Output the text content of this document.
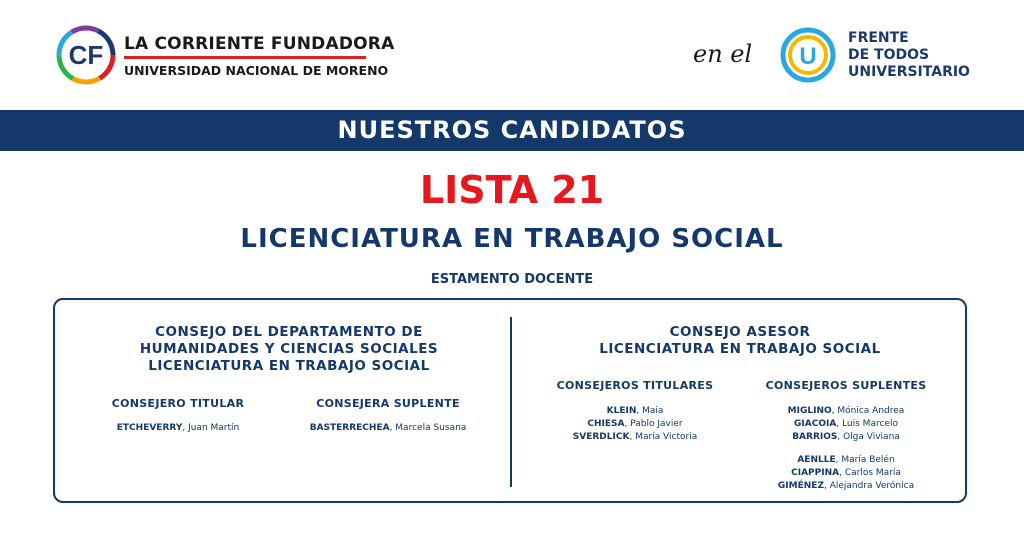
CF LA CORRIENTE FUNDADORA
UNIVERSIDAD NACIONAL DE MORENO
en el U
FRENTE
DE TODOS
UNIVERSITARIO
NUESTROS CANDIDATOS
LISTA 21
LICENCIATURA EN TRABAJO SOCIAL
ESTAMENTO DOCENTE
CONSEJO DEL DEPARTAMENTO DE
HUMANIDADES Y CIENCIAS SOCIALES
LICENCIATURA EN TRABAJO SOCIAL
CONSEJERO TITULAR
ETCHEVERRY, Juan Martín
CONSEJERA SUPLENTE
BASTERRECHEA, Marcela Susana
CONSEJO ASESOR
LICENCIATURA EN TRABAJO SOCIAL
CONSEJEROS TITULARES
KLEIN, Maia
CHIESA, Pablo Javier
SVERDLICK, María Victoria
CONSEJEROS SUPLENTES
MIGLINO, Mónica Andrea
GIACOIA, Luis Marcelo
BARRIOS, Olga Viviana
AENLLE, María Belén
CIAPPINA, Carlos María
GIMÉNEZ, Alejandra Verónica
